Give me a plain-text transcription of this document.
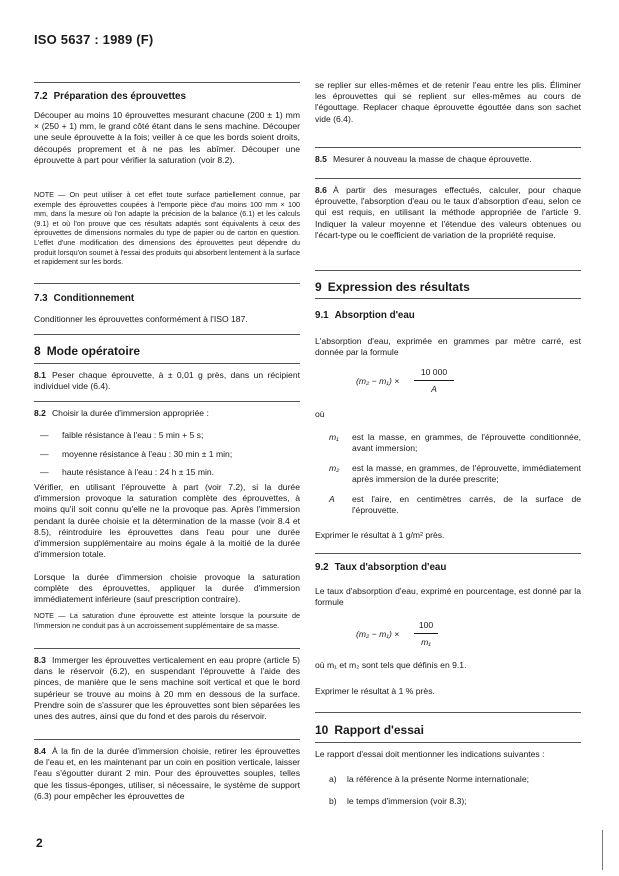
ISO 5637 : 1989 (F)

7.2 Préparation des éprouvettes

Découper au moins 10 éprouvettes mesurant chacune (200 ± 1) mm × (250 + 1) mm, le grand côté étant dans le sens machine. Découper une seule éprouvette à la fois; veiller à ce que les bords soient droits, découpés proprement et à ne pas les abîmer. Découper une éprouvette à part pour vérifier la saturation (voir 8.2).

NOTE — On peut utiliser à cet effet toute surface partiellement connue, par exemple des éprouvettes coupées à l'emporte pièce d'au moins 100 mm × 100 mm, dans la mesure où l'on adapte la précision de la balance (6.1) et les calculs (9.1) et où l'on prouve que ces résultats adaptés sont équivalents à ceux des éprouvettes de dimensions normales du type de papier ou de carton en question. L'effet d'une modification des dimensions des éprouvettes peut dépendre du produit lorsqu'on soumet à l'essai des produits qui absorbent lentement à la surface et rapidement sur les bords.

7.3 Conditionnement

Conditionner les éprouvettes conformément à l'ISO 187.

8 Mode opératoire

8.1 Peser chaque éprouvette, à ± 0,01 g près, dans un récipient individuel vide (6.4).

8.2 Choisir la durée d'immersion appropriée :

— faible résistance à l'eau : 5 min + 5 s;
— moyenne résistance à l'eau : 30 min ± 1 min;
— haute résistance à l'eau : 24 h ± 15 min.

Vérifier, en utilisant l'éprouvette à part (voir 7.2), si la durée d'immersion provoque la saturation complète des éprouvettes, à moins qu'il soit connu qu'elle ne la provoque pas. Après l'immersion pendant la durée choisie et la détermination de la masse (voir 8.4 et 8.5), réintroduire les éprouvettes dans l'eau pour une durée d'immersion supplémentaire au moins égale à la moitié de la durée d'immersion totale.

Lorsque la durée d'immersion choisie provoque la saturation complète des éprouvettes, appliquer la durée d'immersion immédiatement inférieure (sauf prescription contraire).

NOTE — La saturation d'une éprouvette est atteinte lorsque la poursuite de l'immersion ne conduit pas à un accroissement supplémentaire de sa masse.

8.3 Immerger les éprouvettes verticalement en eau propre (article 5) dans le réservoir (6.2), en suspendant l'éprouvette à l'aide des pinces, de manière que le sens machine soit vertical et que le bord supérieur se trouve au moins à 20 mm en dessous de la surface. Prendre soin de s'assurer que les éprouvettes sont bien séparées les unes des autres, ainsi que du fond et des parois du réservoir.

8.4 À la fin de la durée d'immersion choisie, retirer les éprouvettes de l'eau et, en les maintenant par un coin en position verticale, laisser l'eau s'égoutter durant 2 min. Pour des éprouvettes souples, telles que les tissus-éponges, utiliser, si nécessaire, le système de support (6.3) pour empêcher les éprouvettes de

se replier sur elles-mêmes et de retenir l'eau entre les plis. Éliminer les éprouvettes qui se replient sur elles-mêmes au cours de l'égouttage. Replacer chaque éprouvette égouttée dans son sachet vide (6.4).

8.5 Mesurer à nouveau la masse de chaque éprouvette.

8.6 À partir des mesurages effectués, calculer, pour chaque éprouvette, l'absorption d'eau ou le taux d'absorption d'eau, selon ce qui est requis, en utilisant la méthode appropriée de l'article 9. Indiquer la valeur moyenne et l'étendue des valeurs obtenues ou l'écart-type ou le coefficient de variation de la propriété requise.

9 Expression des résultats

9.1 Absorption d'eau

L'absorption d'eau, exprimée en grammes par mètre carré, est donnée par la formule

(m₂ − m₁) ×
10 000
A
où
m₁	est la masse, en grammes, de l'éprouvette conditionnée, avant immersion;
m₂	est la masse, en grammes, de l'éprouvette, immédiatement après immersion de la durée prescrite;
A	est l'aire, en centimètres carrés, de la surface de l'éprouvette.

Exprimer le résultat à 1 g/m² près.

9.2 Taux d'absorption d'eau

Le taux d'absorption d'eau, exprimé en pourcentage, est donné par la formule

(m₂ − m₁) ×
100
m₁

où m₁ et m₂ sont tels que définis en 9.1.

Exprimer le résultat à 1 % près.

10 Rapport d'essai

Le rapport d'essai doit mentionner les indications suivantes :

a) la référence à la présente Norme internationale;
b) le temps d'immersion (voir 8.3);
2
